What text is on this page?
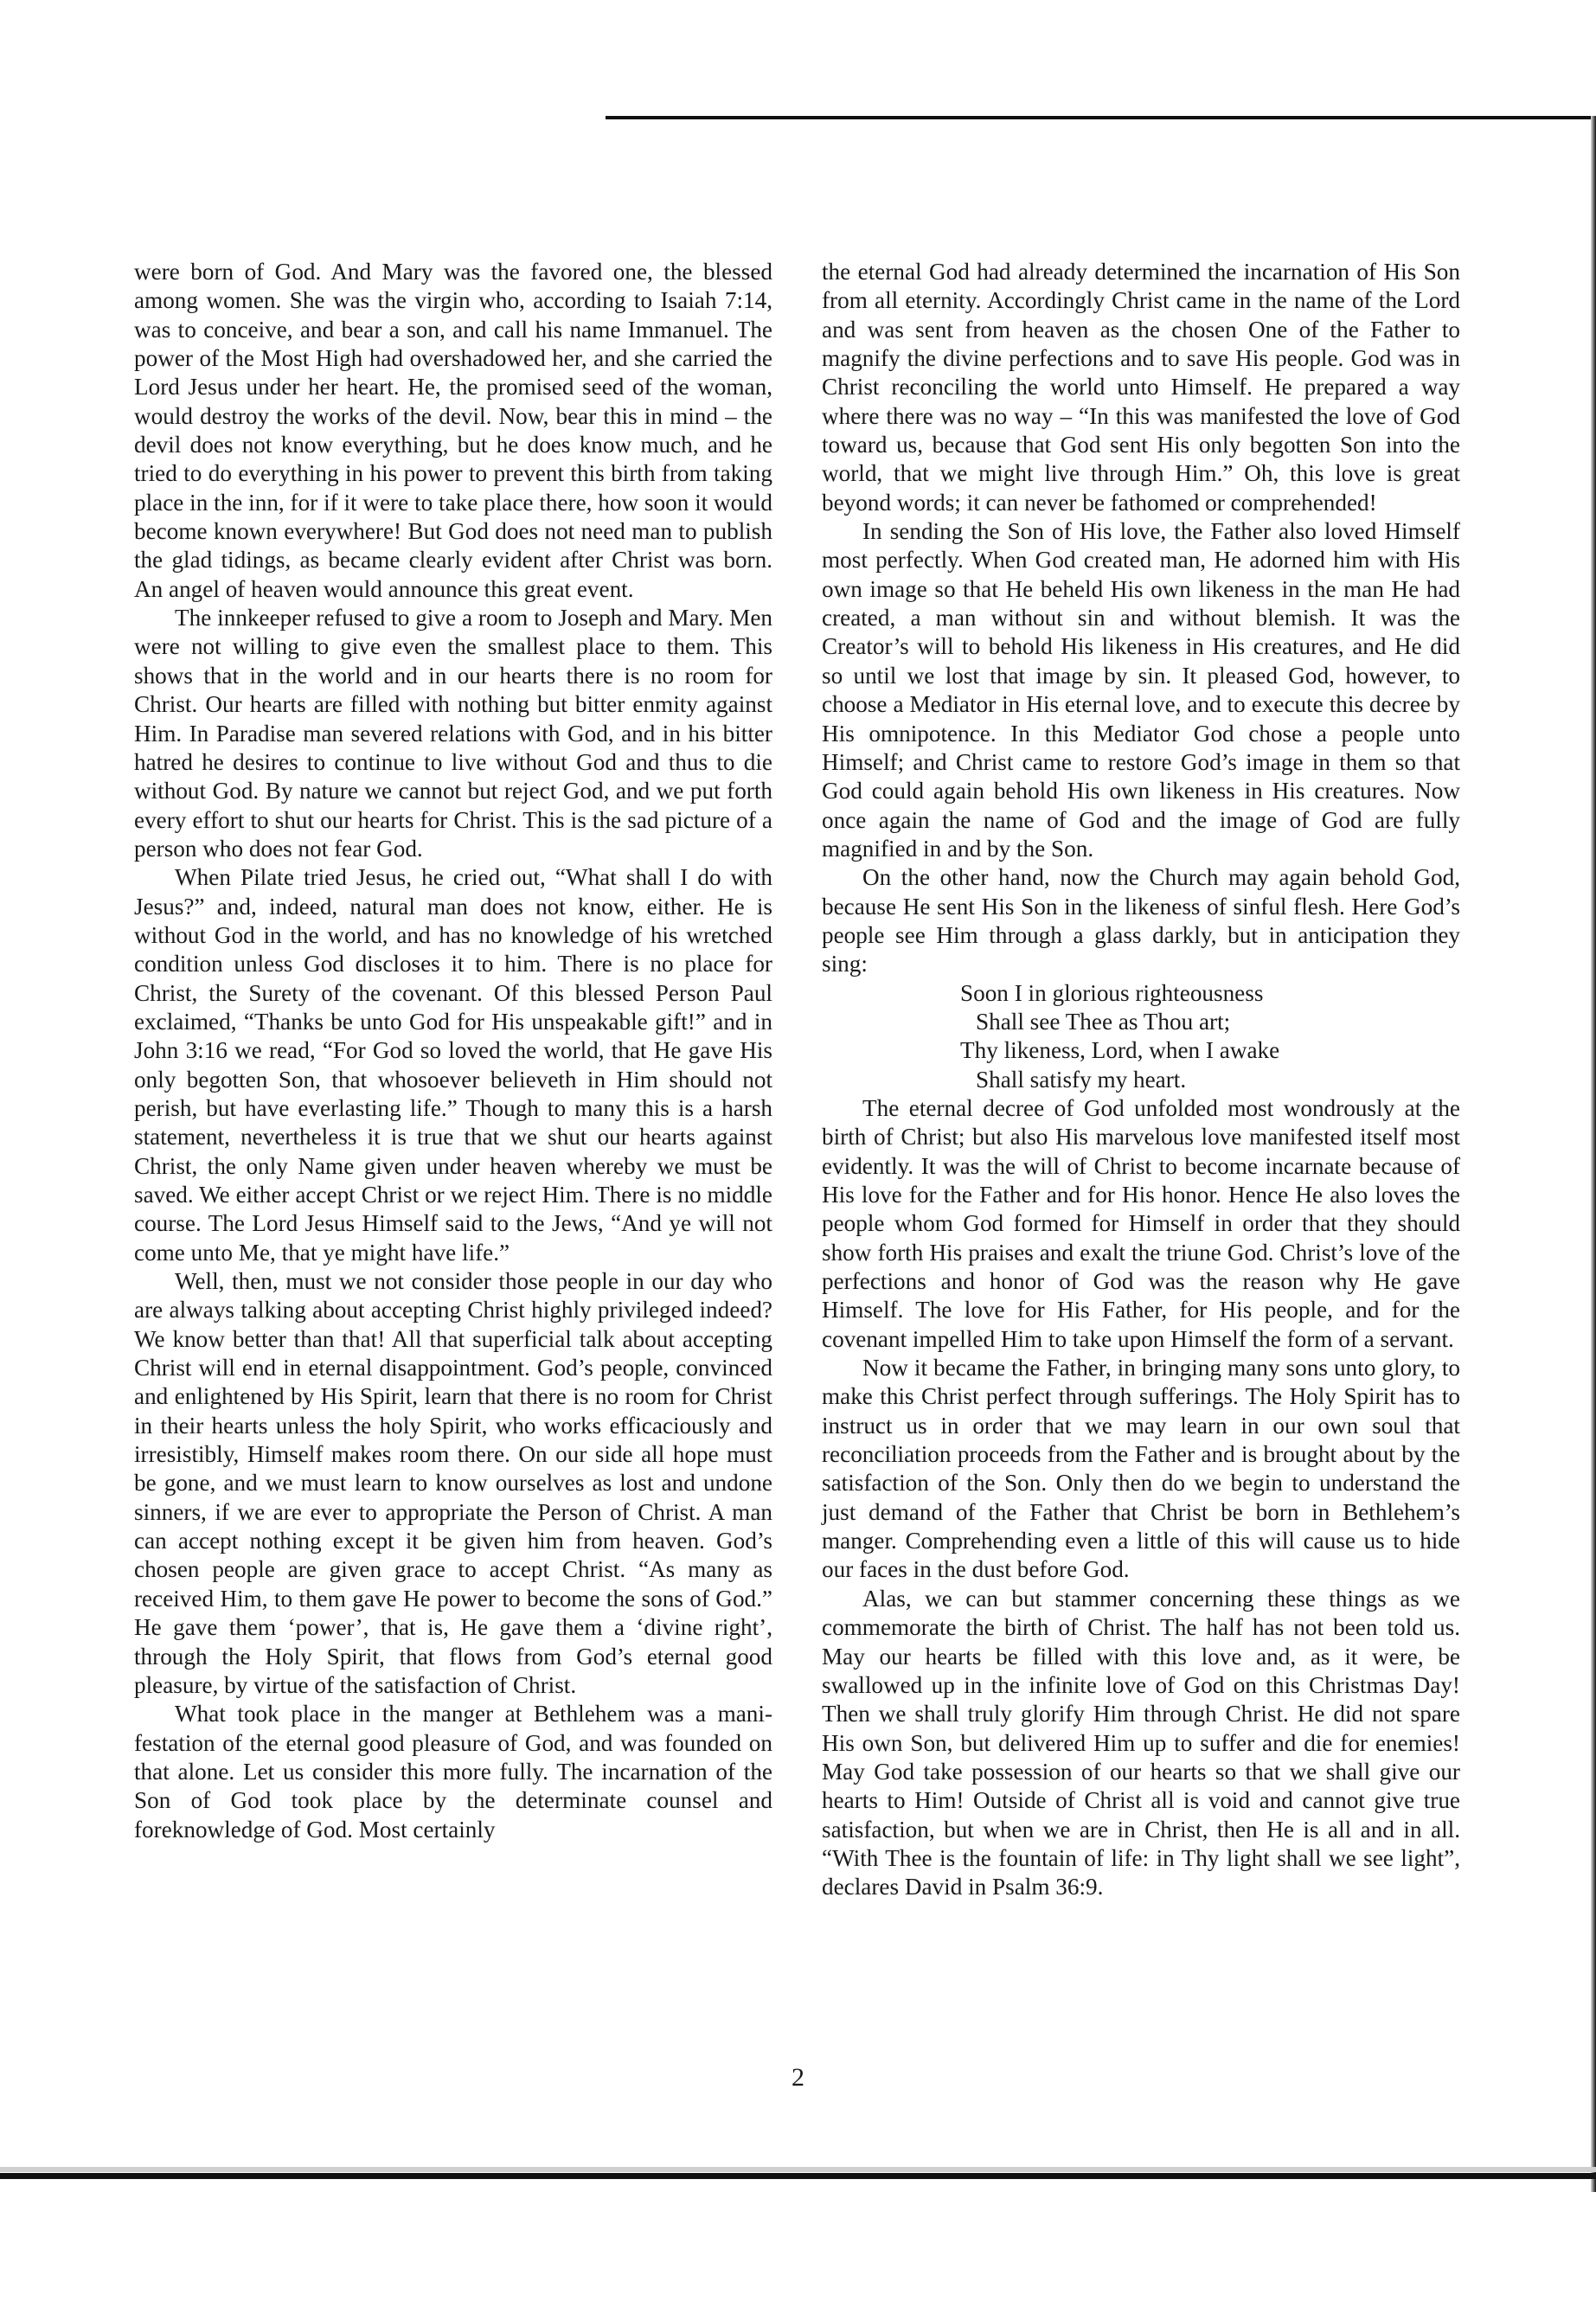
were born of God. And Mary was the favored one, the blessed among women. She was the virgin who, according to Isaiah 7:14, was to conceive, and bear a son, and call his name Immanuel. The power of the Most High had overshadowed her, and she carried the Lord Jesus under her heart. He, the promised seed of the woman, would destroy the works of the devil. Now, bear this in mind – the devil does not know everything, but he does know much, and he tried to do everything in his power to prevent this birth from taking place in the inn, for if it were to take place there, how soon it would become known everywhere! But God does not need man to publish the glad tidings, as became clearly evident after Christ was born. An angel of heaven would announce this great event.

The innkeeper refused to give a room to Joseph and Mary. Men were not willing to give even the smallest place to them. This shows that in the world and in our hearts there is no room for Christ. Our hearts are filled with nothing but bitter enmity against Him. In Paradise man severed relations with God, and in his bitter hatred he desires to continue to live without God and thus to die without God. By nature we cannot but reject God, and we put forth every effort to shut our hearts for Christ. This is the sad picture of a person who does not fear God.

When Pilate tried Jesus, he cried out, “What shall I do with Jesus?” and, indeed, natural man does not know, either. He is without God in the world, and has no knowledge of his wretched condition unless God discloses it to him. There is no place for Christ, the Surety of the covenant. Of this blessed Person Paul exclaimed, “Thanks be unto God for His unspeakable gift!” and in John 3:16 we read, “For God so loved the world, that He gave His only begotten Son, that whosoever believeth in Him should not perish, but have everlasting life.” Though to many this is a harsh statement, nevertheless it is true that we shut our hearts against Christ, the only Name given under heaven whereby we must be saved. We either accept Christ or we reject Him. There is no middle course. The Lord Jesus Himself said to the Jews, “And ye will not come unto Me, that ye might have life.”

Well, then, must we not consider those people in our day who are always talking about accepting Christ highly privileged indeed? We know better than that! All that superficial talk about accepting Christ will end in eternal disappointment. God’s people, convinced and enlightened by His Spirit, learn that there is no room for Christ in their hearts unless the holy Spirit, who works efficaciously and irresistibly, Himself makes room there. On our side all hope must be gone, and we must learn to know ourselves as lost and undone sinners, if we are ever to appropriate the Person of Christ. A man can accept nothing except it be given him from heaven. God’s chosen people are given grace to accept Christ. “As many as received Him, to them gave He power to become the sons of God.” He gave them ‘power’, that is, He gave them a ‘divine right’, through the Holy Spirit, that flows from God’s eternal good pleasure, by virtue of the satisfaction of Christ.

What took place in the manger at Bethlehem was a manifestation of the eternal good pleasure of God, and was founded on that alone. Let us consider this more fully. The incarnation of the Son of God took place by the determinate counsel and foreknowledge of God. Most certainly

the eternal God had already determined the incarnation of His Son from all eternity. Accordingly Christ came in the name of the Lord and was sent from heaven as the chosen One of the Father to magnify the divine perfections and to save His people. God was in Christ reconciling the world unto Himself. He prepared a way where there was no way – “In this was manifested the love of God toward us, because that God sent His only begotten Son into the world, that we might live through Him.” Oh, this love is great beyond words; it can never be fathomed or comprehended!

In sending the Son of His love, the Father also loved Himself most perfectly. When God created man, He adorned him with His own image so that He beheld His own likeness in the man He had created, a man without sin and without blemish. It was the Creator’s will to behold His likeness in His creatures, and He did so until we lost that image by sin. It pleased God, however, to choose a Mediator in His eternal love, and to execute this decree by His omnipotence. In this Mediator God chose a people unto Himself; and Christ came to restore God’s image in them so that God could again behold His own likeness in His creatures. Now once again the name of God and the image of God are fully magnified in and by the Son.

On the other hand, now the Church may again behold God, because He sent His Son in the likeness of sinful flesh. Here God’s people see Him through a glass darkly, but in anticipation they sing:

Soon I in glorious righteousness
Shall see Thee as Thou art;
Thy likeness, Lord, when I awake
Shall satisfy my heart.

The eternal decree of God unfolded most wondrously at the birth of Christ; but also His marvelous love manifested itself most evidently. It was the will of Christ to become incarnate because of His love for the Father and for His honor. Hence He also loves the people whom God formed for Himself in order that they should show forth His praises and exalt the triune God. Christ’s love of the perfections and honor of God was the reason why He gave Himself. The love for His Father, for His people, and for the covenant impelled Him to take upon Himself the form of a servant.

Now it became the Father, in bringing many sons unto glory, to make this Christ perfect through sufferings. The Holy Spirit has to instruct us in order that we may learn in our own soul that reconciliation proceeds from the Father and is brought about by the satisfaction of the Son. Only then do we begin to understand the just demand of the Father that Christ be born in Bethlehem’s manger. Comprehending even a little of this will cause us to hide our faces in the dust before God.

Alas, we can but stammer concerning these things as we commemorate the birth of Christ. The half has not been told us. May our hearts be filled with this love and, as it were, be swallowed up in the infinite love of God on this Christmas Day! Then we shall truly glorify Him through Christ. He did not spare His own Son, but delivered Him up to suffer and die for enemies! May God take possession of our hearts so that we shall give our hearts to Him! Outside of Christ all is void and cannot give true satisfaction, but when we are in Christ, then He is all and in all. “With Thee is the fountain of life: in Thy light shall we see light”, declares David in Psalm 36:9.

2
